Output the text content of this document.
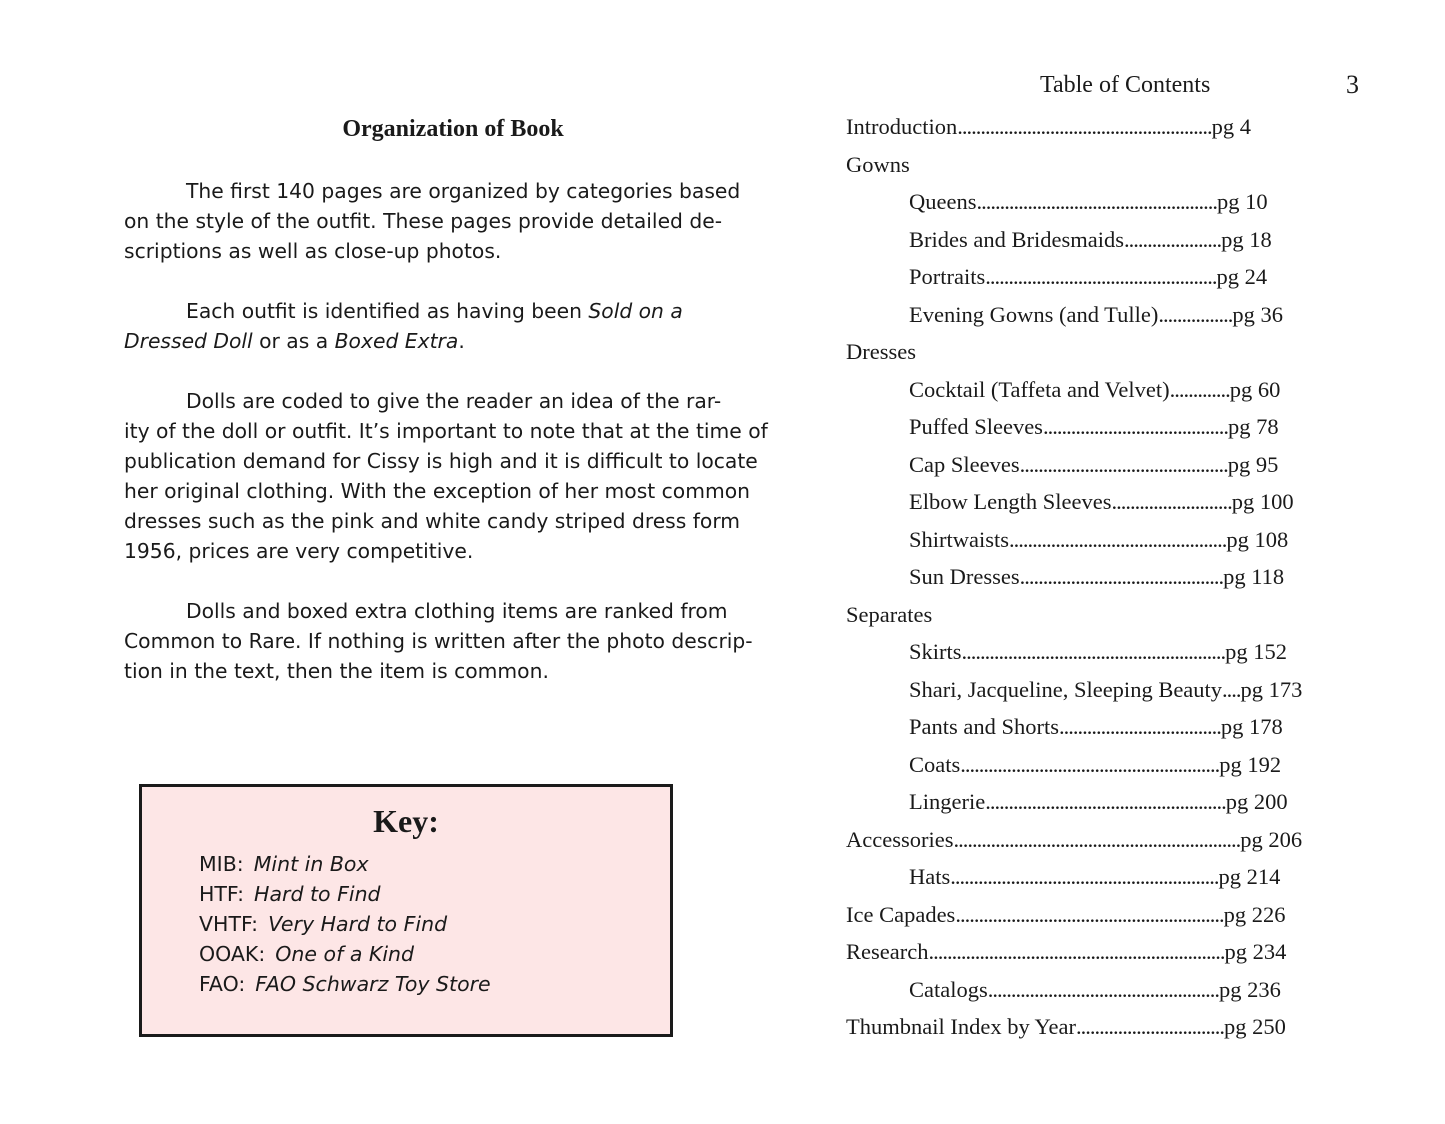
Organization of Book

The first 140 pages are organized by categories based
on the style of the outfit. These pages provide detailed de-
scriptions as well as close-up photos.

Each outfit is identified as having been Sold on a
Dressed Doll or as a Boxed Extra.

Dolls are coded to give the reader an idea of the rar-
ity of the doll or outfit. It’s important to note that at the time of
publication demand for Cissy is high and it is difficult to locate
her original clothing. With the exception of her most common
dresses such as the pink and white candy striped dress form
1956, prices are very competitive.

Dolls and boxed extra clothing items are ranked from
Common to Rare. If nothing is written after the photo descrip-
tion in the text, then the item is common.

Key:
MIB: Mint in Box
HTF: Hard to Find
VHTF: Very Hard to Find
OOAK: One of a Kind
FAO: FAO Schwarz Toy Store
3
Table of Contents
Introduction.......................................................pg 4
Gowns
Queens....................................................pg 10
Brides and Bridesmaids.....................pg 18
Portraits..................................................pg 24
Evening Gowns (and Tulle)................pg 36
Dresses
Cocktail (Taffeta and Velvet).............pg 60
Puffed Sleeves........................................pg 78
Cap Sleeves.............................................pg 95
Elbow Length Sleeves..........................pg 100
Shirtwaists...............................................pg 108
Sun Dresses............................................pg 118
Separates
Skirts.........................................................pg 152
Shari, Jacqueline, Sleeping Beauty....pg 173
Pants and Shorts...................................pg 178
Coats........................................................pg 192
Lingerie....................................................pg 200
Accessories..............................................................pg 206
Hats..........................................................pg 214
Ice Capades..........................................................pg 226
Research................................................................pg 234
Catalogs..................................................pg 236
Thumbnail Index by Year................................pg 250
